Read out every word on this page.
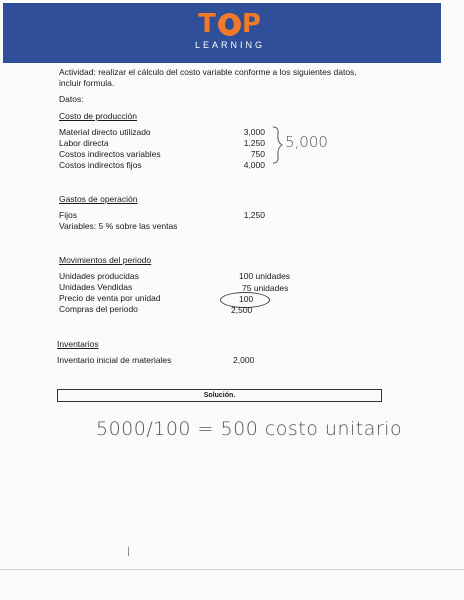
T P
LEARNING
Actividad: realizar el cálculo del costo variable conforme a los siguientes datos,
incluir formula.
Datos:
Costo de producción
Material directo utilizado	3,000
Labor directa	1,250
Costos indirectos variables	750
Costos indirectos fijos	4,000
5,000
Gastos de operación
Fijos	1,250
Variables: 5 % sobre las ventas
Movimientos del periodo
Unidades producidas	100 unidades
Unidades Vendidas	75 unidades
Precio de venta por unidad	100
Compras del periodo	2,500
Inventarios
Inventario inicial de materiales	2,000
Solución.
5000/100 = 500 costo unitario
ꟾ
